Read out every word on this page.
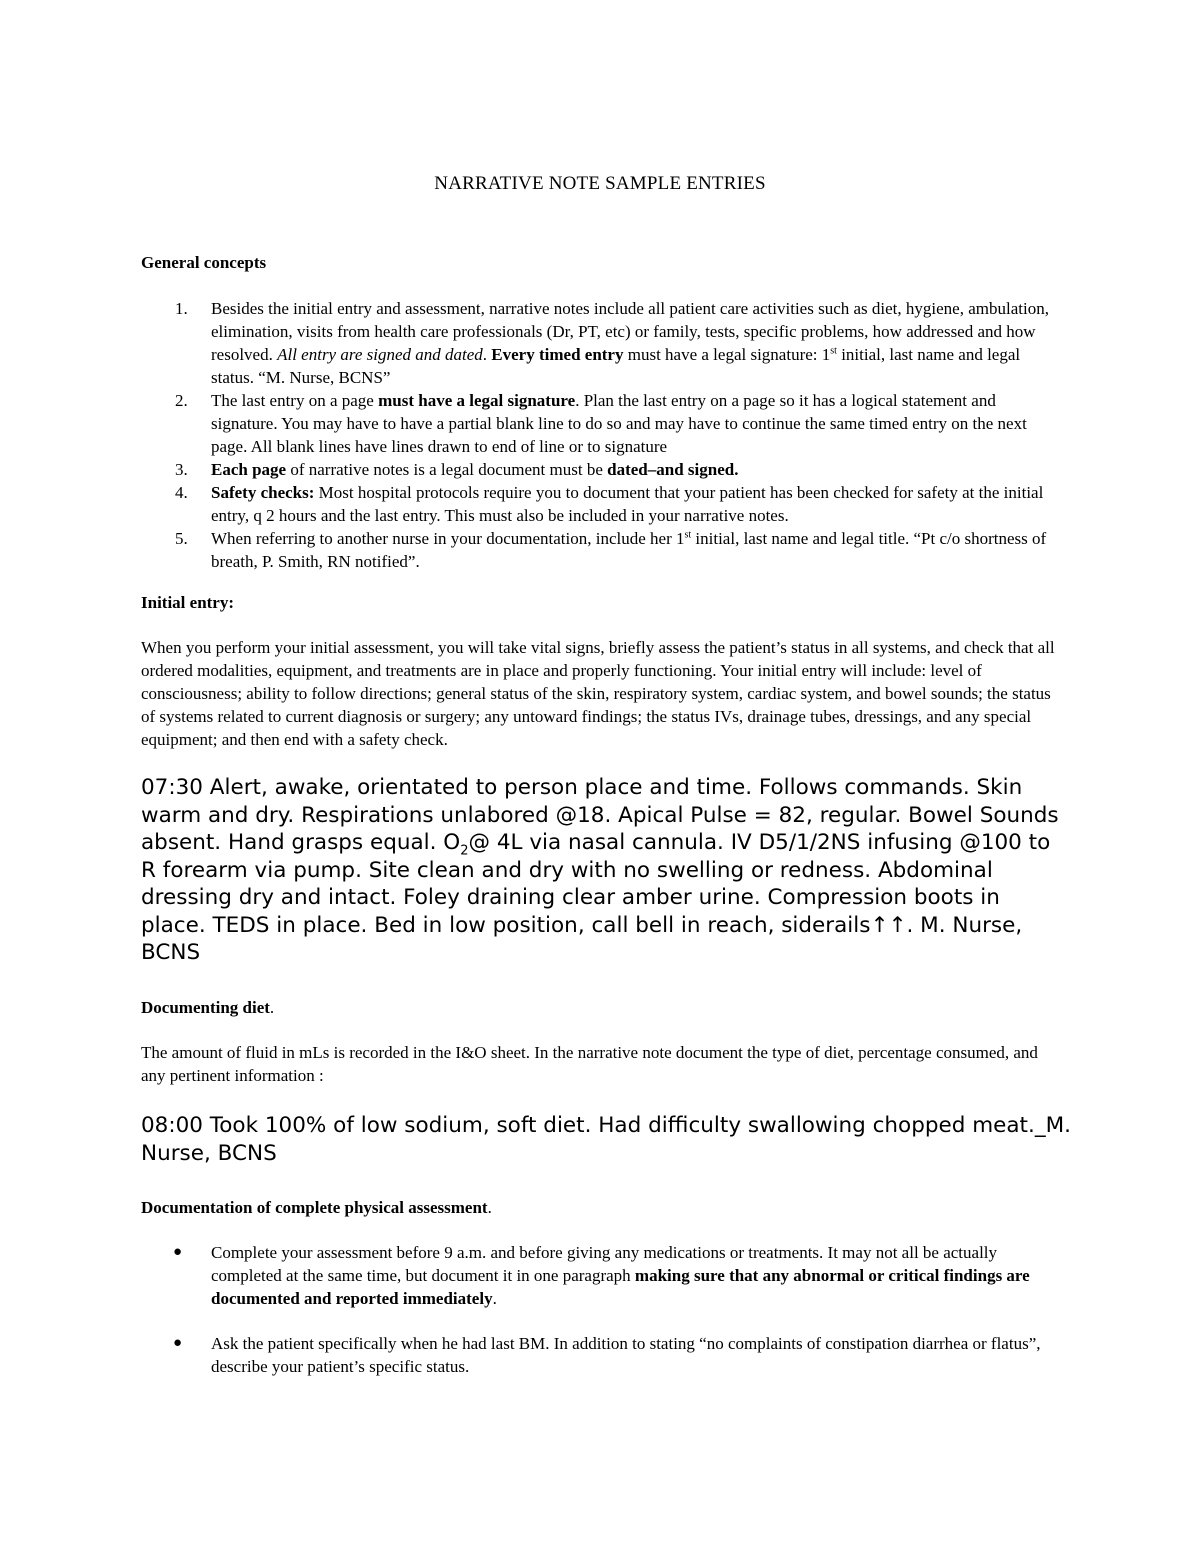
NARRATIVE NOTE SAMPLE ENTRIES
General concepts
1. Besides the initial entry and assessment, narrative notes include all patient care activities such as diet, hygiene, ambulation, elimination, visits from health care professionals (Dr, PT, etc) or family, tests, specific problems, how addressed and how resolved. All entry are signed and dated. Every timed entry must have a legal signature: 1st initial, last name and legal status. “M. Nurse, BCNS”
2. The last entry on a page must have a legal signature. Plan the last entry on a page so it has a logical statement and signature. You may have to have a partial blank line to do so and may have to continue the same timed entry on the next page. All blank lines have lines drawn to end of line or to signature
3. Each page of narrative notes is a legal document must be dated–and signed.
4. Safety checks: Most hospital protocols require you to document that your patient has been checked for safety at the initial entry, q 2 hours and the last entry. This must also be included in your narrative notes.
5. When referring to another nurse in your documentation, include her 1st initial, last name and legal title. “Pt c/o shortness of breath, P. Smith, RN notified”.
Initial entry:

When you perform your initial assessment, you will take vital signs, briefly assess the patient’s status in all systems, and check that all ordered modalities, equipment, and treatments are in place and properly functioning. Your initial entry will include: level of consciousness; ability to follow directions; general status of the skin, respiratory system, cardiac system, and bowel sounds; the status of systems related to current diagnosis or surgery; any untoward findings; the status IVs, drainage tubes, dressings, and any special equipment; and then end with a safety check.

07:30 Alert, awake, orientated to person place and time. Follows commands. Skin warm and dry. Respirations unlabored @18. Apical Pulse = 82, regular. Bowel Sounds absent. Hand grasps equal. $O_2@$ 4L via nasal cannula. IV D5/1/2NS infusing @100 to R forearm via pump. Site clean and dry with no swelling or redness. Abdominal dressing dry and intact. Foley draining clear amber urine. Compression boots in place. TEDS in place. Bed in low position, call bell in reach, siderails↑↑. M. Nurse, BCNS

Documenting diet.

The amount of fluid in mLs is recorded in the I&O sheet. In the narrative note document the type of diet, percentage consumed, and any pertinent information :

08:00 Took 100% of low sodium, soft diet. Had difficulty swallowing chopped meat._M. Nurse, BCNS

Documentation of complete physical assessment.
● Complete your assessment before 9 a.m. and before giving any medications or treatments. It may not all be actually completed at the same time, but document it in one paragraph making sure that any abnormal or critical findings are documented and reported immediately.
● Ask the patient specifically when he had last BM. In addition to stating “no complaints of constipation diarrhea or flatus”, describe your patient’s specific status.
